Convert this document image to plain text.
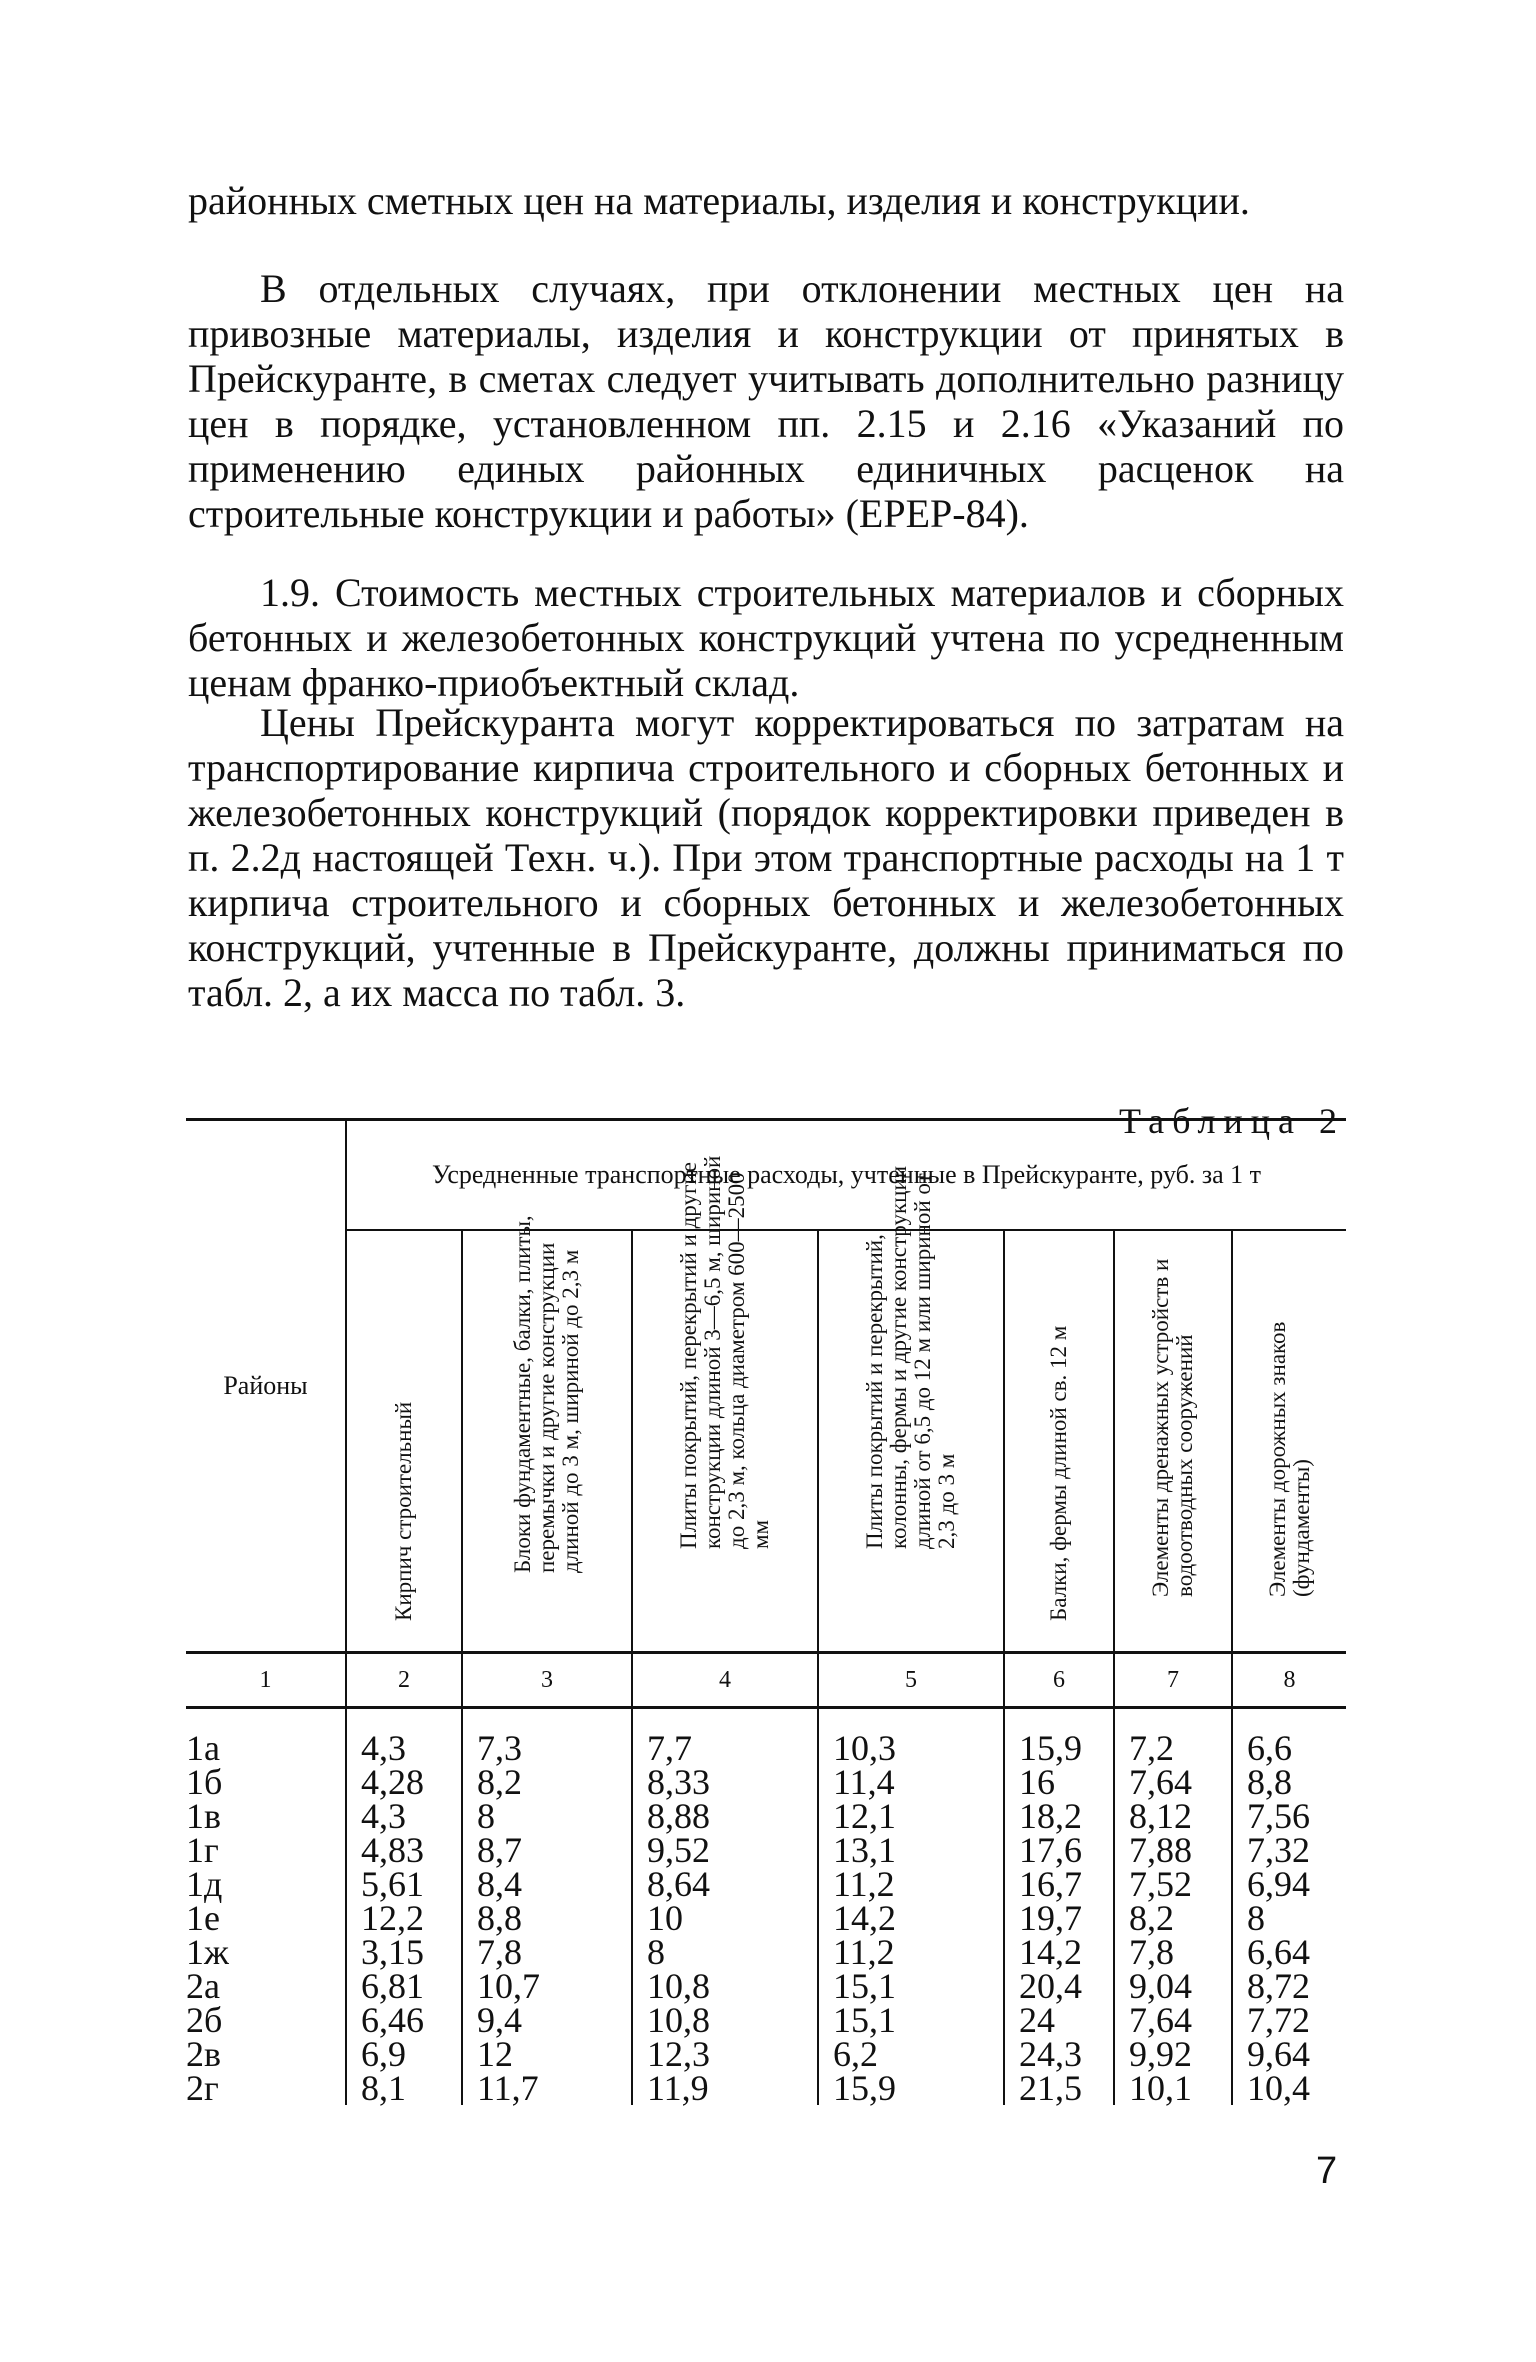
районных сметных цен на материалы, изделия и конструкции.

В отдельных случаях, при отклонении местных цен на привозные материалы, изделия и конструкции от принятых в Прейскуранте, в сметах следует учитывать дополнительно разницу цен в порядке, установленном пп. 2.15 и 2.16 «Указаний по применению единых районных единичных расценок на строительные конструкции и работы» (ЕРЕР-84).

1.9. Стоимость местных строительных материалов и сборных бетонных и железобетонных конструкций учтена по усредненным ценам франко-приобъектный склад.

Цены Прейскуранта могут корректироваться по затратам на транспортирование кирпича строительного и сборных бетонных и железобетонных конструкций (порядок корректировки приведен в п. 2.2д настоящей Техн. ч.). При этом транспортные расходы на 1 т кирпича строительного и сборных бетонных и железобетонных конструкций, учтенные в Прейскуранте, должны приниматься по табл. 2, а их масса по табл. 3.

Таблица 2
Районы	Усредненные транспортные расходы, учтенные в Прейскуранте, руб. за 1 т						

	Кирпич строительный	Блоки фундаментные, балки, плиты, перемычки и другие конструкции длиной до 3 м, шириной до 2,3 м	Плиты покрытий, перекрытий и другие конструкции длиной 3—6,5 м, шириной до 2,3 м, кольца диаметром 600—2500 мм	Плиты покрытий и перекрытий, колонны, фермы и другие конструкции длиной от 6,5 до 12 м или шириной от 2,3 до 3 м	Балки, фермы длиной св. 12 м	Элементы дренажных устройств и водоотводных сооружений	Элементы дорожных знаков (фундаменты)

1	2	3	4	5	6	7	8
1а	4,3	7,3	7,7	10,3	15,9	7,2	6,6
1б	4,28	8,2	8,33	11,4	16	7,64	8,8
1в	4,3	8	8,88	12,1	18,2	8,12	7,56
1г	4,83	8,7	9,52	13,1	17,6	7,88	7,32
1д	5,61	8,4	8,64	11,2	16,7	7,52	6,94
1е	12,2	8,8	10	14,2	19,7	8,2	8
1ж	3,15	7,8	8	11,2	14,2	7,8	6,64
2а	6,81	10,7	10,8	15,1	20,4	9,04	8,72
2б	6,46	9,4	10,8	15,1	24	7,64	7,72
2в	6,9	12	12,3	6,2	24,3	9,92	9,64
2г	8,1	11,7	11,9	15,9	21,5	10,1	10,4
7
